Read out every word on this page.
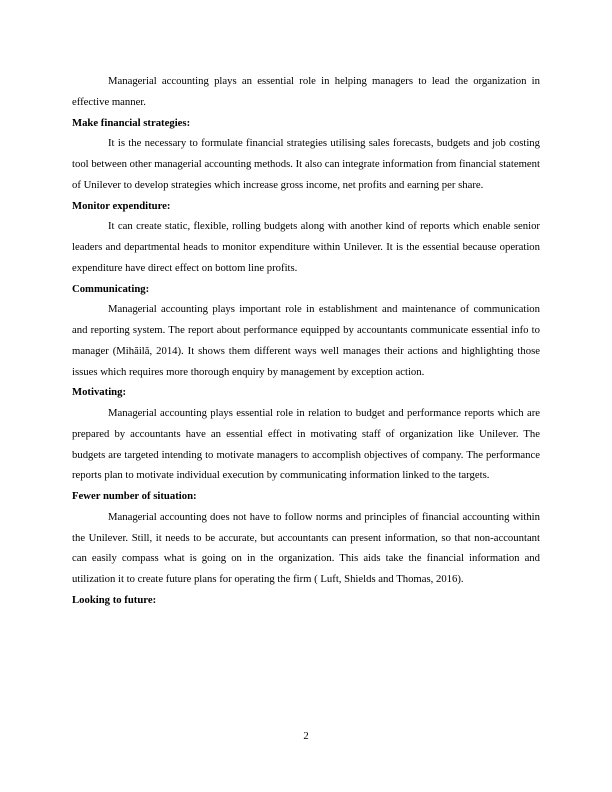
Managerial accounting plays an essential role in helping managers to lead the organization in effective manner.

Make financial strategies:

It is the necessary to formulate financial strategies utilising sales forecasts, budgets and job costing tool between other managerial accounting methods. It also can integrate information from financial statement of Unilever to develop strategies which increase gross income, net profits and earning per share.

Monitor expenditure:

It can create static, flexible, rolling budgets along with another kind of reports which enable senior leaders and departmental heads to monitor expenditure within Unilever. It is the essential because operation expenditure have direct effect on bottom line profits.

Communicating:

Managerial accounting plays important role in establishment and maintenance of communication and reporting system. The report about performance equipped by accountants communicate essential info to manager (Mihăilă, 2014). It shows them different ways well manages their actions and highlighting those issues which requires more thorough enquiry by management by exception action.

Motivating:

Managerial accounting plays essential role in relation to budget and performance reports which are prepared by accountants have an essential effect in motivating staff of organization like Unilever. The budgets are targeted intending to motivate managers to accomplish objectives of company. The performance reports plan to motivate individual execution by communicating information linked to the targets.

Fewer number of situation:

Managerial accounting does not have to follow norms and principles of financial accounting within the Unilever. Still, it needs to be accurate, but accountants can present information, so that non-accountant can easily compass what is going on in the organization. This aids take the financial information and utilization it to create future plans for operating the firm ( Luft, Shields and Thomas, 2016).

Looking to future:

2
